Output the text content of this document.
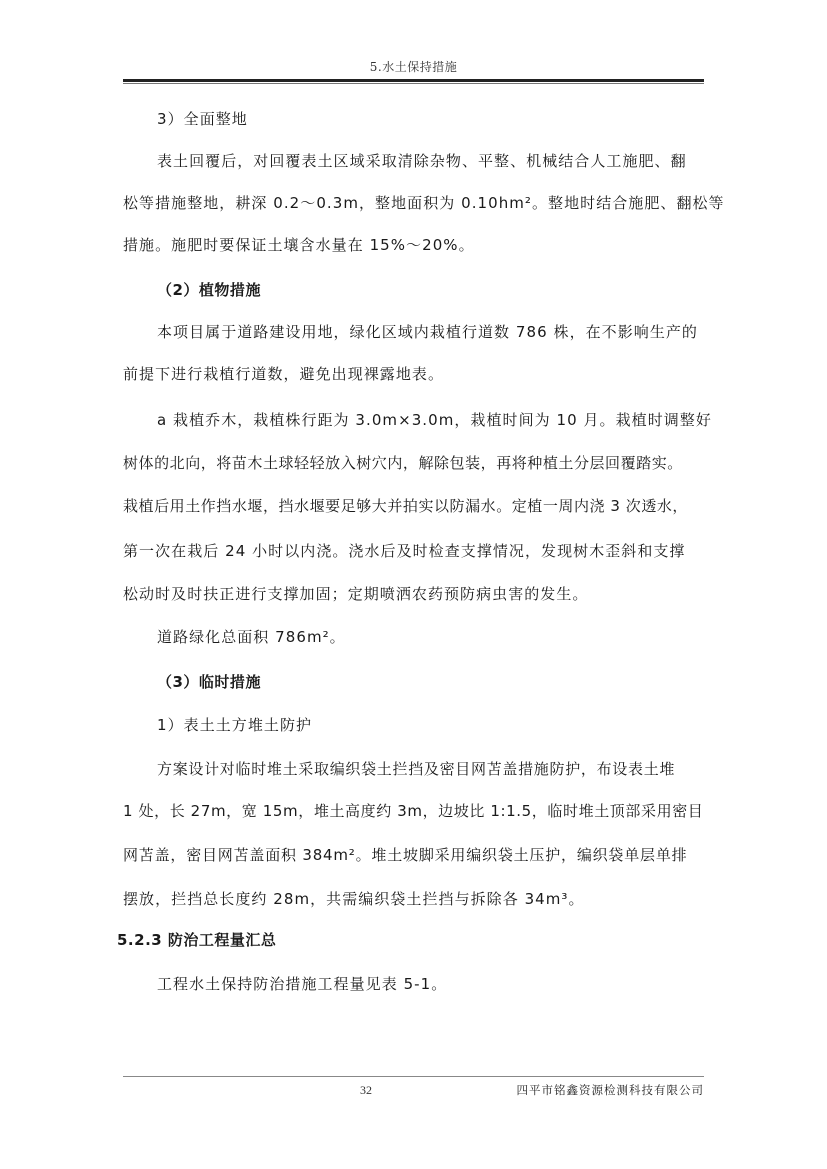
5.水土保持措施
3）全面整地
表土回覆后，对回覆表土区域采取清除杂物、平整、机械结合人工施肥、翻
松等措施整地，耕深 0.2～0.3m，整地面积为 0.10hm²。整地时结合施肥、翻松等
措施。施肥时要保证土壤含水量在 15%～20%。
（2）植物措施
本项目属于道路建设用地，绿化区域内栽植行道数 786 株，在不影响生产的
前提下进行栽植行道数，避免出现裸露地表。
a 栽植乔木，栽植株行距为 3.0m×3.0m，栽植时间为 10 月。栽植时调整好
树体的北向，将苗木土球轻轻放入树穴内，解除包装，再将种植土分层回覆踏实。
栽植后用土作挡水堰，挡水堰要足够大并拍实以防漏水。定植一周内浇 3 次透水，
第一次在栽后 24 小时以内浇。浇水后及时检查支撑情况，发现树木歪斜和支撑
松动时及时扶正进行支撑加固；定期喷洒农药预防病虫害的发生。
道路绿化总面积 786m²。
（3）临时措施
1）表土土方堆土防护
方案设计对临时堆土采取编织袋土拦挡及密目网苫盖措施防护，布设表土堆
1 处，长 27m，宽 15m，堆土高度约 3m，边坡比 1:1.5，临时堆土顶部采用密目
网苫盖，密目网苫盖面积 384m²。堆土坡脚采用编织袋土压护，编织袋单层单排
摆放，拦挡总长度约 28m，共需编织袋土拦挡与拆除各 34m³。
5.2.3 防治工程量汇总
工程水土保持防治措施工程量见表 5-1。
32	四平市铭鑫资源检测科技有限公司
